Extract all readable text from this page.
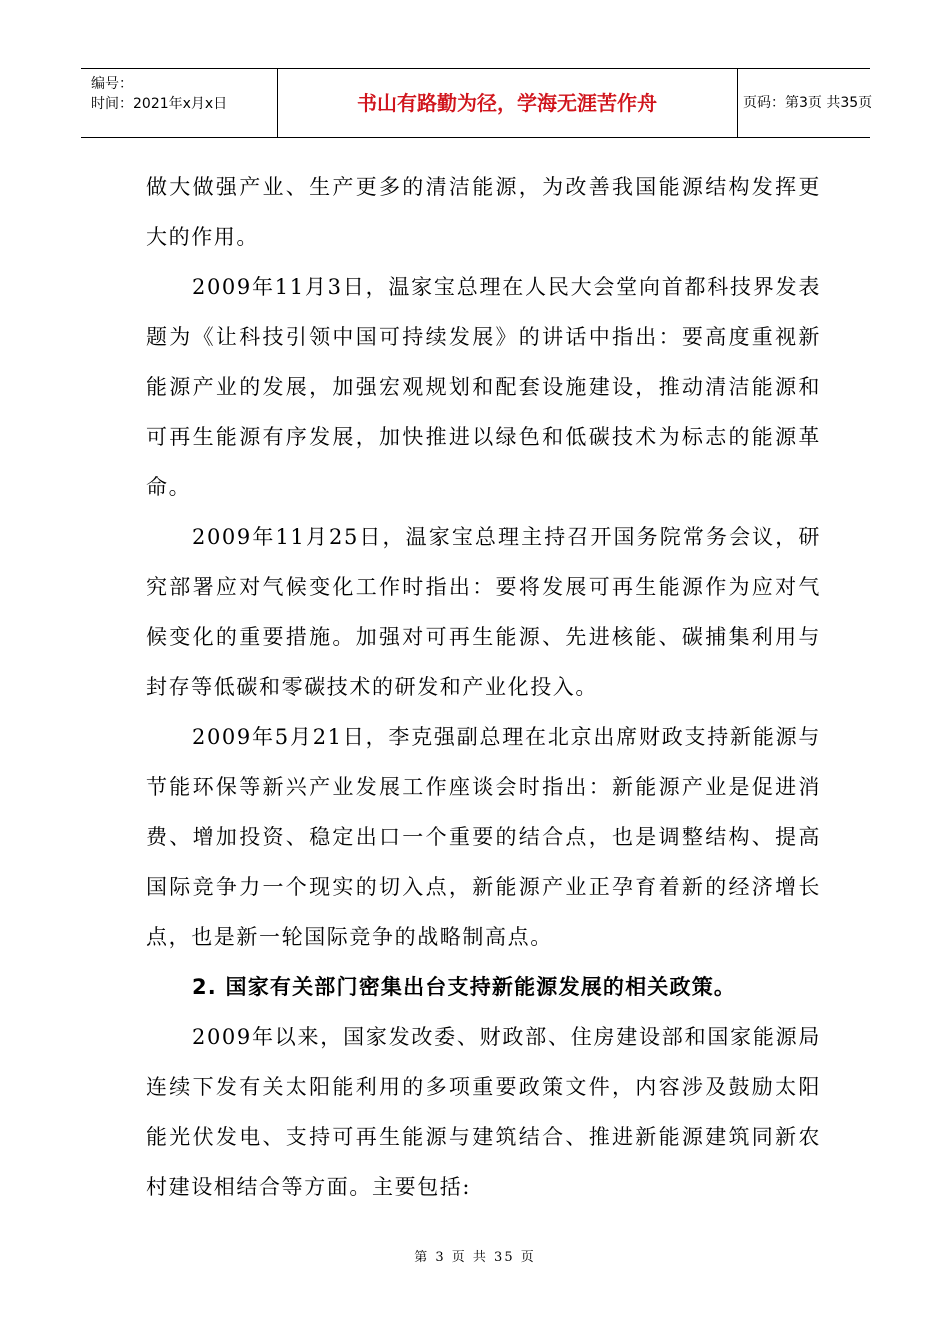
编号：
时间：2021年x月x日	书山有路勤为径，学海无涯苦作舟	页码：第3页 共35页

做大做强产业、生产更多的清洁能源，为改善我国能源结构发挥更大的作用。

2009年11月3日，温家宝总理在人民大会堂向首都科技界发表题为《让科技引领中国可持续发展》的讲话中指出：要高度重视新能源产业的发展，加强宏观规划和配套设施建设，推动清洁能源和可再生能源有序发展，加快推进以绿色和低碳技术为标志的能源革命。

2009年11月25日，温家宝总理主持召开国务院常务会议，研究部署应对气候变化工作时指出：要将发展可再生能源作为应对气候变化的重要措施。加强对可再生能源、先进核能、碳捕集利用与封存等低碳和零碳技术的研发和产业化投入。

2009年5月21日，李克强副总理在北京出席财政支持新能源与节能环保等新兴产业发展工作座谈会时指出：新能源产业是促进消费、增加投资、稳定出口一个重要的结合点，也是调整结构、提高国际竞争力一个现实的切入点，新能源产业正孕育着新的经济增长点，也是新一轮国际竞争的战略制高点。

2. 国家有关部门密集出台支持新能源发展的相关政策。

2009年以来，国家发改委、财政部、住房建设部和国家能源局连续下发有关太阳能利用的多项重要政策文件，内容涉及鼓励太阳能光伏发电、支持可再生能源与建筑结合、推进新能源建筑同新农村建设相结合等方面。主要包括:

第 3 页 共 35 页
